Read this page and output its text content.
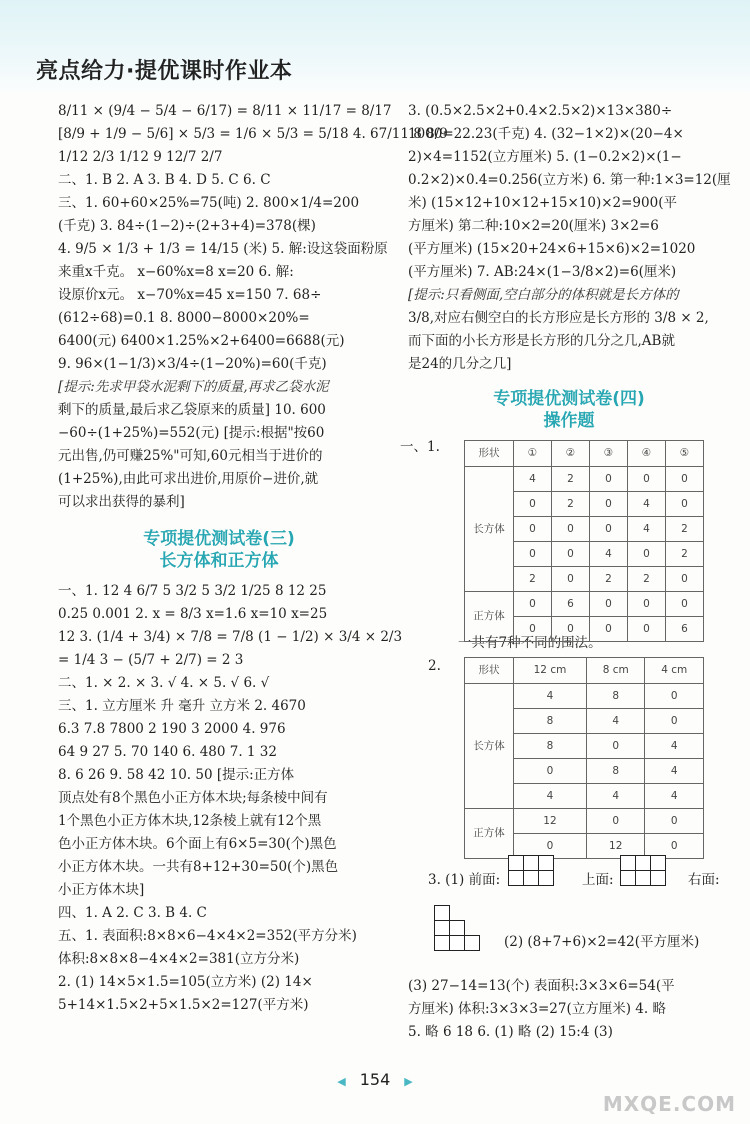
亮点给力·提优课时作业本
8/11 × (9/4 − 5/4 − 6/17) = 8/11 × 11/17 = 8/17
[8/9 + 1/9 − 5/6] × 5/3 = 1/6 × 5/3 = 5/18 4. 67/11 8 8/9
1/12 2/3 1/12 9 12/7 2/7
二、1. B 2. A 3. B 4. D 5. C 6. C
三、1. 60+60×25%=75(吨) 2. 800×1/4=200
(千克) 3. 84÷(1−2)÷(2+3+4)=378(棵)
4. 9/5 × 1/3 + 1/3 = 14/15 (米) 5. 解:设这袋面粉原
来重x千克。 x−60%x=8 x=20 6. 解:
设原价x元。 x−70%x=45 x=150 7. 68÷
(612÷68)=0.1 8. 8000−8000×20%=
6400(元) 6400×1.25%×2+6400=6688(元)
9. 96×(1−1/3)×3/4÷(1−20%)=60(千克)
[提示:先求甲袋水泥剩下的质量,再求乙袋水泥
剩下的质量,最后求乙袋原来的质量] 10. 600
−60÷(1+25%)=552(元) [提示:根据"按60
元出售,仍可赚25%"可知,60元相当于进价的
(1+25%),由此可求出进价,用原价−进价,就
可以求出获得的暴利]
专项提优测试卷(三)
长方体和正方体
一、1. 12 4 6/7 5 3/2 5 3/2 1/25 8 12 25
0.25 0.001 2. x = 8/3 x=1.6 x=10 x=25
12 3. (1/4 + 3/4) × 7/8 = 7/8 (1 − 1/2) × 3/4 × 2/3
= 1/4 3 − (5/7 + 2/7) = 2 3
二、1. × 2. × 3. √ 4. × 5. √ 6. √
三、1. 立方厘米 升 毫升 立方米 2. 4670
6.3 7.8 7800 2 190 3 2000 4. 976
64 9 27 5. 70 140 6. 480 7. 1 32
8. 6 26 9. 58 42 10. 50 [提示:正方体
顶点处有8个黑色小正方体木块;每条棱中间有
1个黑色小正方体木块,12条棱上就有12个黑
色小正方体木块。6个面上有6×5=30(个)黑色
小正方体木块。一共有8+12+30=50(个)黑色
小正方体木块]
四、1. A 2. C 3. B 4. C
五、1. 表面积:8×8×6−4×4×2=352(平方分米)
体积:8×8×8−4×4×2=381(立方分米)
2. (1) 14×5×1.5=105(立方米) (2) 14×
5+14×1.5×2+5×1.5×2=127(平方米)
3. (0.5×2.5×2+0.4×2.5×2)×13×380÷
1000=22.23(千克) 4. (32−1×2)×(20−4×
2)×4=1152(立方厘米) 5. (1−0.2×2)×(1−
0.2×2)×0.4=0.256(立方米) 6. 第一种:1×3=12(厘
米) (15×12+10×12+15×10)×2=900(平
方厘米) 第二种:10×2=20(厘米) 3×2=6
(平方厘米) (15×20+24×6+15×6)×2=1020
(平方厘米) 7. AB:24×(1−3/8×2)=6(厘米)
[提示:只看侧面,空白部分的体积就是长方体的
3/8,对应右侧空白的长方形应是长方形的 3/8 × 2,
而下面的小长方形是长方形的几分之几,AB就
是24的几分之几]
专项提优测试卷(四)
操作题
一、1.	形状	①	②	③	④	⑤
长方体	4	2	0	0	0
	0	2	0	4	0
	0	0	0	4	2
	0	0	4	0	2
	2	0	2	2	0
正方体	0	6	0	0	0
	0	0	0	0	6
一共有7种不同的围法。
2.	形状	12 cm	8 cm	4 cm
长方体	4	8	0
	8	4	0
	8	0	4
	0	8	4
	4	4	4
正方体	12	0	0
	0	12	0
3. (1) 前面:	上面:	右面:
(2) (8+7+6)×2=42(平方厘米)
(3) 27−14=13(个) 表面积:3×3×6=54(平
方厘米) 体积:3×3×3=27(立方厘米) 4. 略
5. 略 6 18 6. (1) 略 (2) 15:4 (3)
◀ 154 ▶
MXQE.COM
